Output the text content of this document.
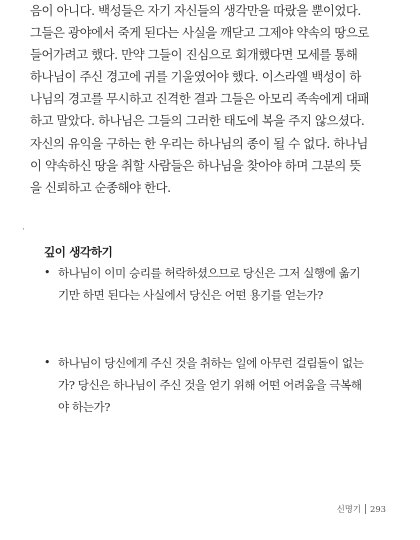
음이 아니다. 백성들은 자기 자신들의 생각만을 따랐을 뿐이었다.
그들은 광야에서 죽게 된다는 사실을 깨닫고 그제야 약속의 땅으로
들어가려고 했다. 만약 그들이 진심으로 회개했다면 모세를 통해
하나님이 주신 경고에 귀를 기울였어야 했다. 이스라엘 백성이 하
나님의 경고를 무시하고 진격한 결과 그들은 아모리 족속에게 대패
하고 말았다. 하나님은 그들의 그러한 태도에 복을 주지 않으셨다.
자신의 유익을 구하는 한 우리는 하나님의 종이 될 수 없다. 하나님
이 약속하신 땅을 취할 사람들은 하나님을 찾아야 하며 그분의 뜻
을 신뢰하고 순종해야 한다.
·
깊이 생각하기
• 하나님이 이미 승리를 허락하셨으므로 당신은 그저 실행에 옮기
기만 하면 된다는 사실에서 당신은 어떤 용기를 얻는가?
• 하나님이 당신에게 주신 것을 취하는 일에 아무런 걸림돌이 없는
가? 당신은 하나님이 주신 것을 얻기 위해 어떤 어려움을 극복해
야 하는가?
신명기 293
